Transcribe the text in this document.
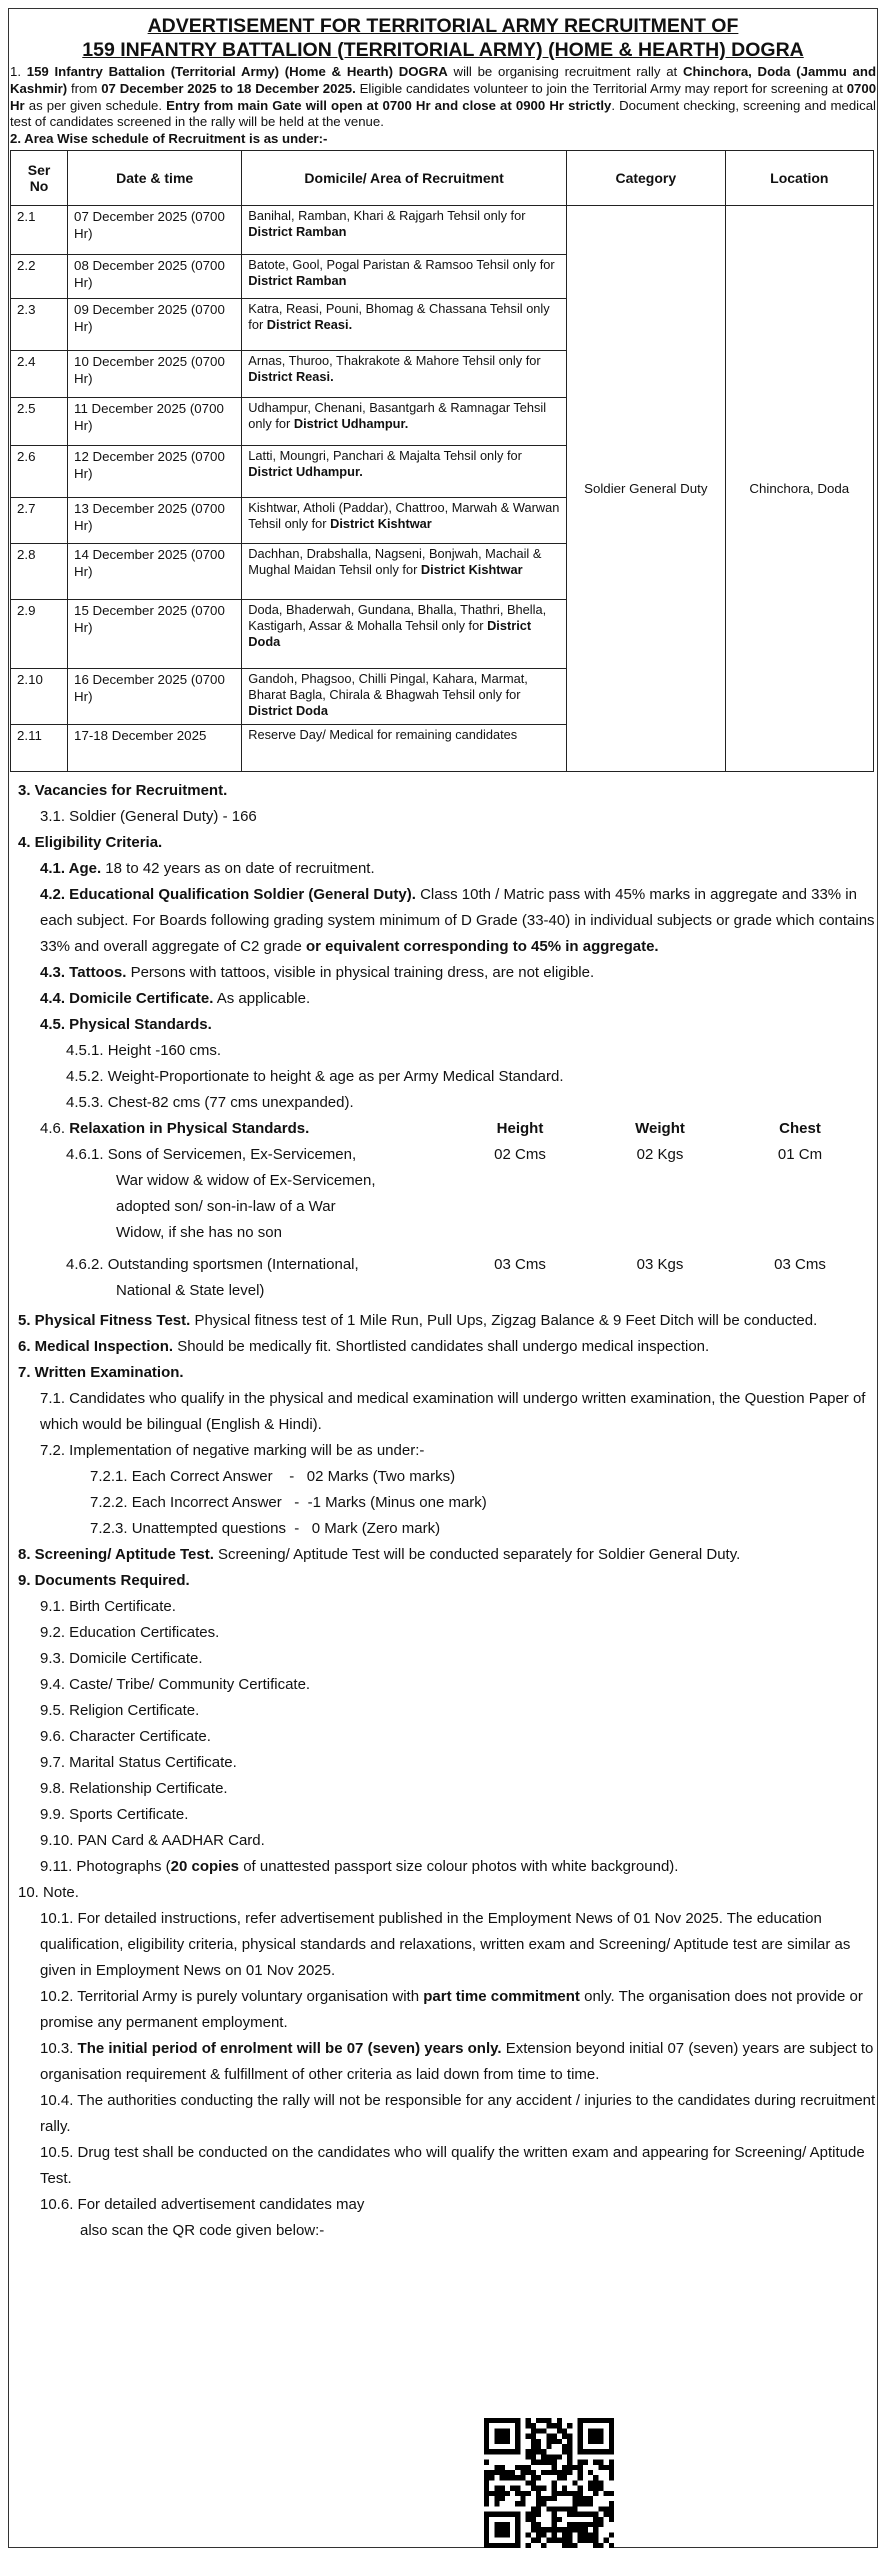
ADVERTISEMENT FOR TERRITORIAL ARMY RECRUITMENT OF
159 INFANTRY BATTALION (TERRITORIAL ARMY) (HOME & HEARTH) DOGRA
1. 159 Infantry Battalion (Territorial Army) (Home & Hearth) DOGRA will be organising recruitment rally at Chinchora, Doda (Jammu and Kashmir) from 07 December 2025 to 18 December 2025. Eligible candidates volunteer to join the Territorial Army may report for screening at 0700 Hr as per given schedule. Entry from main Gate will open at 0700 Hr and close at 0900 Hr strictly. Document checking, screening and medical test of candidates screened in the rally will be held at the venue.
2. Area Wise schedule of Recruitment is as under:-
Ser No	Date & time	Domicile/ Area of Recruitment	Category	Location
2.1	07 December 2025 (0700 Hr)	Banihal, Ramban, Khari & Rajgarh Tehsil only for District Ramban	Soldier General Duty	Chinchora, Doda
2.2	08 December 2025 (0700 Hr)	Batote, Gool, Pogal Paristan & Ramsoo Tehsil only for District Ramban		
2.3	09 December 2025 (0700 Hr)	Katra, Reasi, Pouni, Bhomag & Chassana Tehsil only for District Reasi.		
2.4	10 December 2025 (0700 Hr)	Arnas, Thuroo, Thakrakote & Mahore Tehsil only for District Reasi.		
2.5	11 December 2025 (0700 Hr)	Udhampur, Chenani, Basantgarh & Ramnagar Tehsil only for District Udhampur.		
2.6	12 December 2025 (0700 Hr)	Latti, Moungri, Panchari & Majalta Tehsil only for District Udhampur.		
2.7	13 December 2025 (0700 Hr)	Kishtwar, Atholi (Paddar), Chattroo, Marwah & Warwan Tehsil only for District Kishtwar		
2.8	14 December 2025 (0700 Hr)	Dachhan, Drabshalla, Nagseni, Bonjwah, Machail & Mughal Maidan Tehsil only for District Kishtwar		
2.9	15 December 2025 (0700 Hr)	Doda, Bhaderwah, Gundana, Bhalla, Thathri, Bhella, Kastigarh, Assar & Mohalla Tehsil only for District Doda		
2.10	16 December 2025 (0700 Hr)	Gandoh, Phagsoo, Chilli Pingal, Kahara, Marmat, Bharat Bagla, Chirala & Bhagwah Tehsil only for District Doda		
2.11	17-18 December 2025	Reserve Day/ Medical for remaining candidates		
3. Vacancies for Recruitment.
3.1. Soldier (General Duty) - 166
4. Eligibility Criteria.
4.1. Age. 18 to 42 years as on date of recruitment.
4.2. Educational Qualification Soldier (General Duty). Class 10th / Matric pass with 45% marks in aggregate and 33% in each subject. For Boards following grading system minimum of D Grade (33-40) in individual subjects or grade which contains 33% and overall aggregate of C2 grade or equivalent corresponding to 45% in aggregate.
4.3. Tattoos. Persons with tattoos, visible in physical training dress, are not eligible.
4.4. Domicile Certificate. As applicable.
4.5. Physical Standards.
4.5.1. Height -160 cms.
4.5.2. Weight-Proportionate to height & age as per Army Medical Standard.
4.5.3. Chest-82 cms (77 cms unexpanded).
4.6. Relaxation in Physical Standards.	Height	Weight	Chest
4.6.1. Sons of Servicemen, Ex-Servicemen,
War widow & widow of Ex-Servicemen,
adopted son/ son-in-law of a War
Widow, if she has no son
02 Cms	02 Kgs	01 Cm
4.6.2. Outstanding sportsmen (International,
National & State level)
03 Cms	03 Kgs	03 Cms
5. Physical Fitness Test. Physical fitness test of 1 Mile Run, Pull Ups, Zigzag Balance & 9 Feet Ditch will be conducted.
6. Medical Inspection. Should be medically fit. Shortlisted candidates shall undergo medical inspection.
7. Written Examination.
7.1. Candidates who qualify in the physical and medical examination will undergo written examination, the Question Paper of which would be bilingual (English & Hindi).
7.2. Implementation of negative marking will be as under:-
7.2.1. Each Correct Answer    -   02 Marks (Two marks)
7.2.2. Each Incorrect Answer   -  -1 Marks (Minus one mark)
7.2.3. Unattempted questions  -   0 Mark (Zero mark)
8. Screening/ Aptitude Test. Screening/ Aptitude Test will be conducted separately for Soldier General Duty.
9. Documents Required.
9.1. Birth Certificate.
9.2. Education Certificates.
9.3. Domicile Certificate.
9.4. Caste/ Tribe/ Community Certificate.
9.5. Religion Certificate.
9.6. Character Certificate.
9.7. Marital Status Certificate.
9.8. Relationship Certificate.
9.9. Sports Certificate.
9.10. PAN Card & AADHAR Card.
9.11. Photographs (20 copies of unattested passport size colour photos with white background).
10. Note.
10.1. For detailed instructions, refer advertisement published in the Employment News of 01 Nov 2025. The education qualification, eligibility criteria, physical standards and relaxations, written exam and Screening/ Aptitude test are similar as given in Employment News on 01 Nov 2025.
10.2. Territorial Army is purely voluntary organisation with part time commitment only. The organisation does not provide or promise any permanent employment.
10.3. The initial period of enrolment will be 07 (seven) years only. Extension beyond initial 07 (seven) years are subject to organisation requirement & fulfillment of other criteria as laid down from time to time.
10.4. The authorities conducting the rally will not be responsible for any accident / injuries to the candidates during recruitment rally.
10.5. Drug test shall be conducted on the candidates who will qualify the written exam and appearing for Screening/ Aptitude Test.
10.6. For detailed advertisement candidates may
also scan the QR code given below:-
